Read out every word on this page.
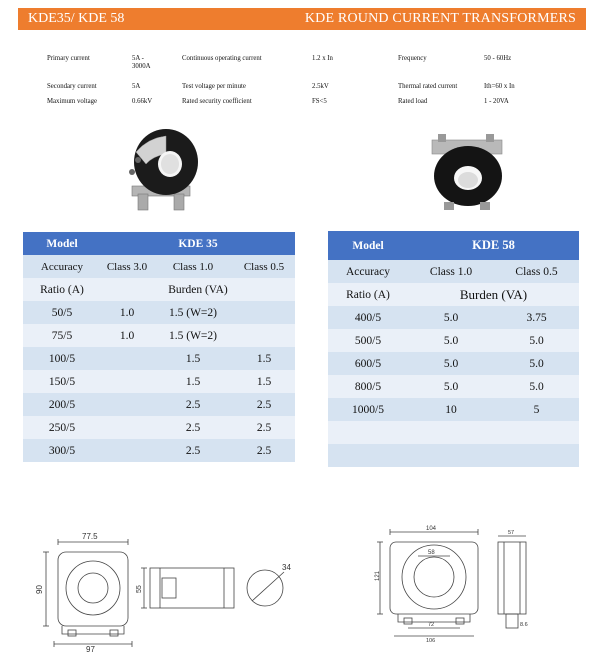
KDE35/ KDE 58	KDE ROUND CURRENT TRANSFORMERS
Primary current	5A -
3000A
Secondary current	5A
Maximum voltage	0.66kV
Continuous operating current	1.2 x In
Test voltage per minute	2.5kV
Rated security coefficient	FS<5
Frequency	50 - 60Hz
Thermal rated current	Ith=60 x In
Rated load	1 - 20VA
Model	KDE 35		
Accuracy	Class 3.0	Class 1.0	Class 0.5
Ratio (A)	Burden (VA)		
50/5	1.0	1.5 (W=2)	
75/5	1.0	1.5 (W=2)	
100/5		1.5	1.5
150/5		1.5	1.5
200/5		2.5	2.5
250/5		2.5	2.5
300/5		2.5	2.5
Model	KDE 58	
Accuracy	Class 1.0	Class 0.5
Ratio (A)	Burden (VA)	
400/5	5.0	3.75
500/5	5.0	5.0
600/5	5.0	5.0
800/5	5.0	5.0
1000/5	10	5

77.5
90
97
55
34
104
58
121
72
106
57
8.6
